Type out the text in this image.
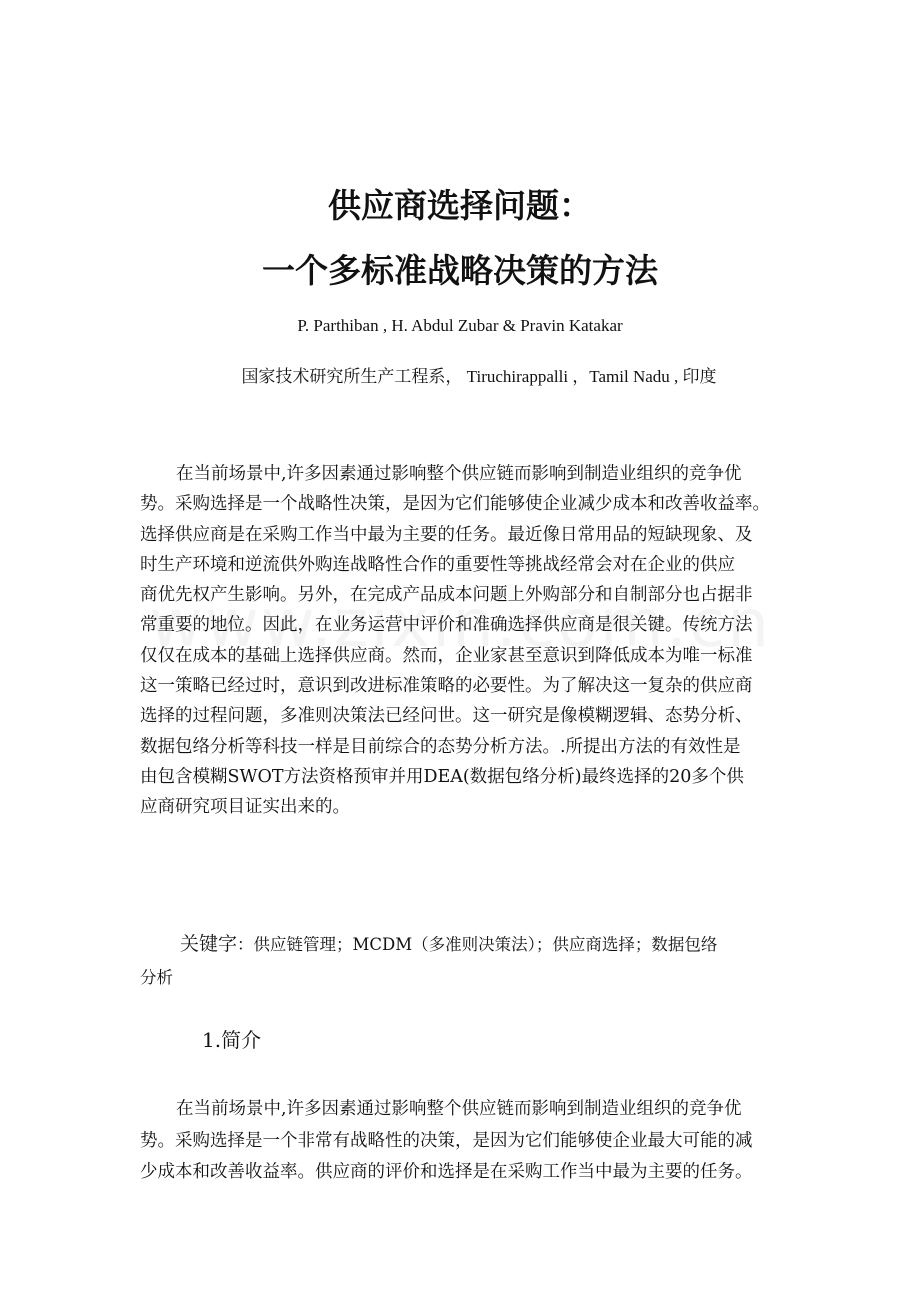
供应商选择问题：
一个多标准战略决策的方法
P. Parthiban , H. Abdul Zubar & Pravin Katakar
国家技术研究所生产工程系， Tiruchirappalli ，Tamil Nadu , 印度
在当前场景中,许多因素通过影响整个供应链而影响到制造业组织的竞争优
势。采购选择是一个战略性决策，是因为它们能够使企业减少成本和改善收益率。
选择供应商是在采购工作当中最为主要的任务。最近像日常用品的短缺现象、及
时生产环境和逆流供外购连战略性合作的重要性等挑战经常会对在企业的供应
商优先权产生影响。另外，在完成产品成本问题上外购部分和自制部分也占据非
常重要的地位。因此，在业务运营中评价和准确选择供应商是很关键。传统方法
仅仅在成本的基础上选择供应商。然而，企业家甚至意识到降低成本为唯一标准
这一策略已经过时，意识到改进标准策略的必要性。为了解决这一复杂的供应商
选择的过程问题，多准则决策法已经问世。这一研究是像模糊逻辑、态势分析、
数据包络分析等科技一样是目前综合的态势分析方法。.所提出方法的有效性是
由包含模糊SWOT方法资格预审并用DEA(数据包络分析)最终选择的20多个供
应商研究项目证实出来的。
关键字：供应链管理；MCDM（多准则决策法）；供应商选择；数据包络
分析
1.简介
在当前场景中,许多因素通过影响整个供应链而影响到制造业组织的竞争优
势。采购选择是一个非常有战略性的决策，是因为它们能够使企业最大可能的减
少成本和改善收益率。供应商的评价和选择是在采购工作当中最为主要的任务。
